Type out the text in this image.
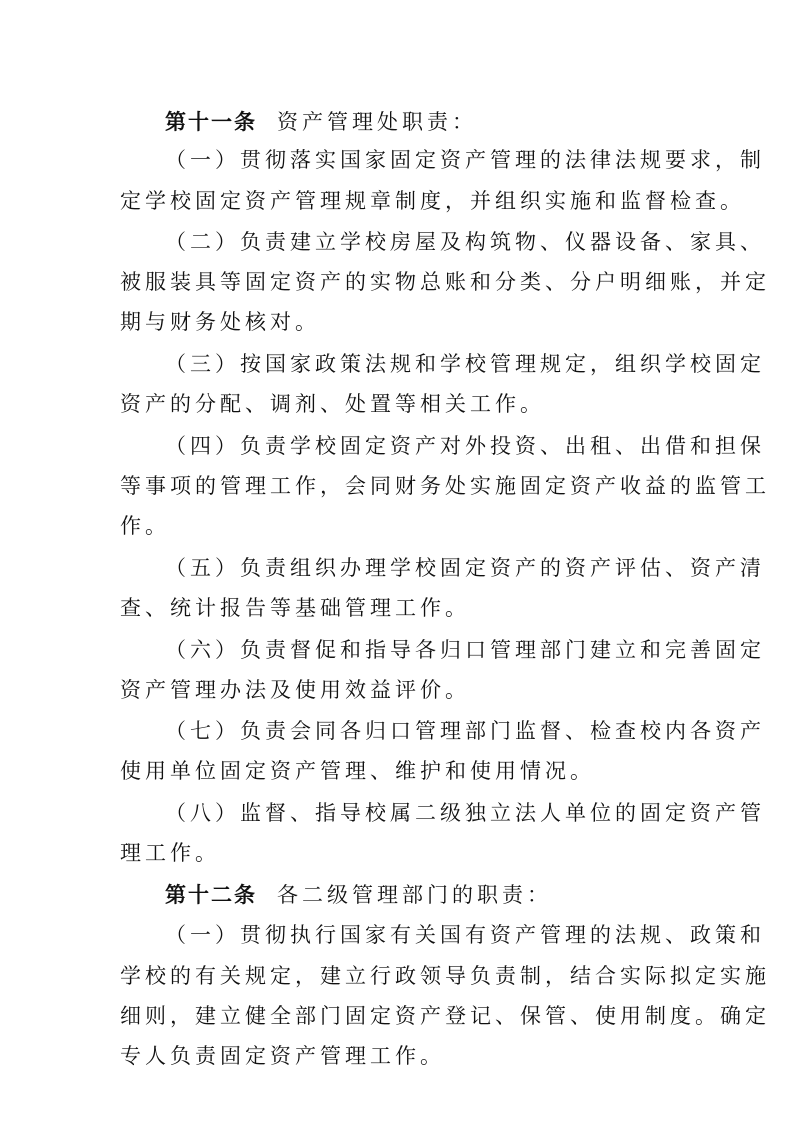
第十一条 资产管理处职责：
（一）贯彻落实国家固定资产管理的法律法规要求，制
定学校固定资产管理规章制度，并组织实施和监督检查。
（二）负责建立学校房屋及构筑物、仪器设备、家具、
被服装具等固定资产的实物总账和分类、分户明细账，并定
期与财务处核对。
（三）按国家政策法规和学校管理规定，组织学校固定
资产的分配、调剂、处置等相关工作。
（四）负责学校固定资产对外投资、出租、出借和担保
等事项的管理工作，会同财务处实施固定资产收益的监管工
作。
（五）负责组织办理学校固定资产的资产评估、资产清
查、统计报告等基础管理工作。
（六）负责督促和指导各归口管理部门建立和完善固定
资产管理办法及使用效益评价。
（七）负责会同各归口管理部门监督、检查校内各资产
使用单位固定资产管理、维护和使用情况。
（八）监督、指导校属二级独立法人单位的固定资产管
理工作。
第十二条 各二级管理部门的职责：
（一）贯彻执行国家有关国有资产管理的法规、政策和
学校的有关规定，建立行政领导负责制，结合实际拟定实施
细则，建立健全部门固定资产登记、保管、使用制度。确定
专人负责固定资产管理工作。
